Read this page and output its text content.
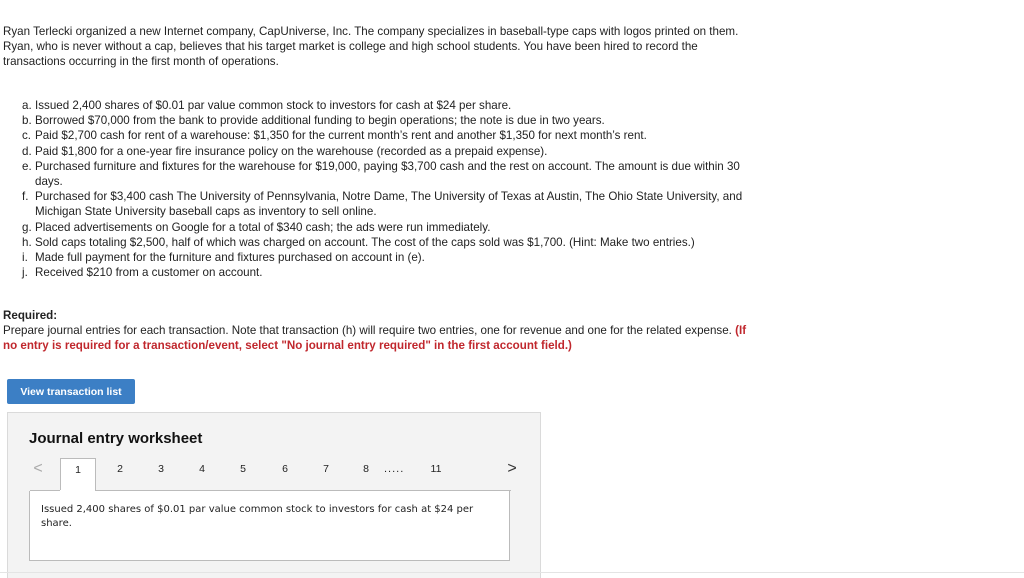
Ryan Terlecki organized a new Internet company, CapUniverse, Inc. The company specializes in baseball-type caps with logos printed on them. Ryan, who is never without a cap, believes that his target market is college and high school students. You have been hired to record the transactions occurring in the first month of operations.

a. Issued 2,400 shares of $0.01 par value common stock to investors for cash at $24 per share.
b. Borrowed $70,000 from the bank to provide additional funding to begin operations; the note is due in two years.
c. Paid $2,700 cash for rent of a warehouse: $1,350 for the current month’s rent and another $1,350 for next month’s rent.
d. Paid $1,800 for a one-year fire insurance policy on the warehouse (recorded as a prepaid expense).
e. Purchased furniture and fixtures for the warehouse for $19,000, paying $3,700 cash and the rest on account. The amount is due within 30 days.
f. Purchased for $3,400 cash The University of Pennsylvania, Notre Dame, The University of Texas at Austin, The Ohio State University, and Michigan State University baseball caps as inventory to sell online.
g. Placed advertisements on Google for a total of $340 cash; the ads were run immediately.
h. Sold caps totaling $2,500, half of which was charged on account. The cost of the caps sold was $1,700. (Hint: Make two entries.)
i. Made full payment for the furniture and fixtures purchased on account in (e).
j. Received $210 from a customer on account.

Required:
Prepare journal entries for each transaction. Note that transaction (h) will require two entries, one for revenue and one for the related expense. (If no entry is required for a transaction/event, select "No journal entry required" in the first account field.)

View transaction list
Journal entry worksheet
<	1	2	3	4	5	6	7	8	.....	11	>

Issued 2,400 shares of $0.01 par value common stock to investors for cash at $24 per share.
